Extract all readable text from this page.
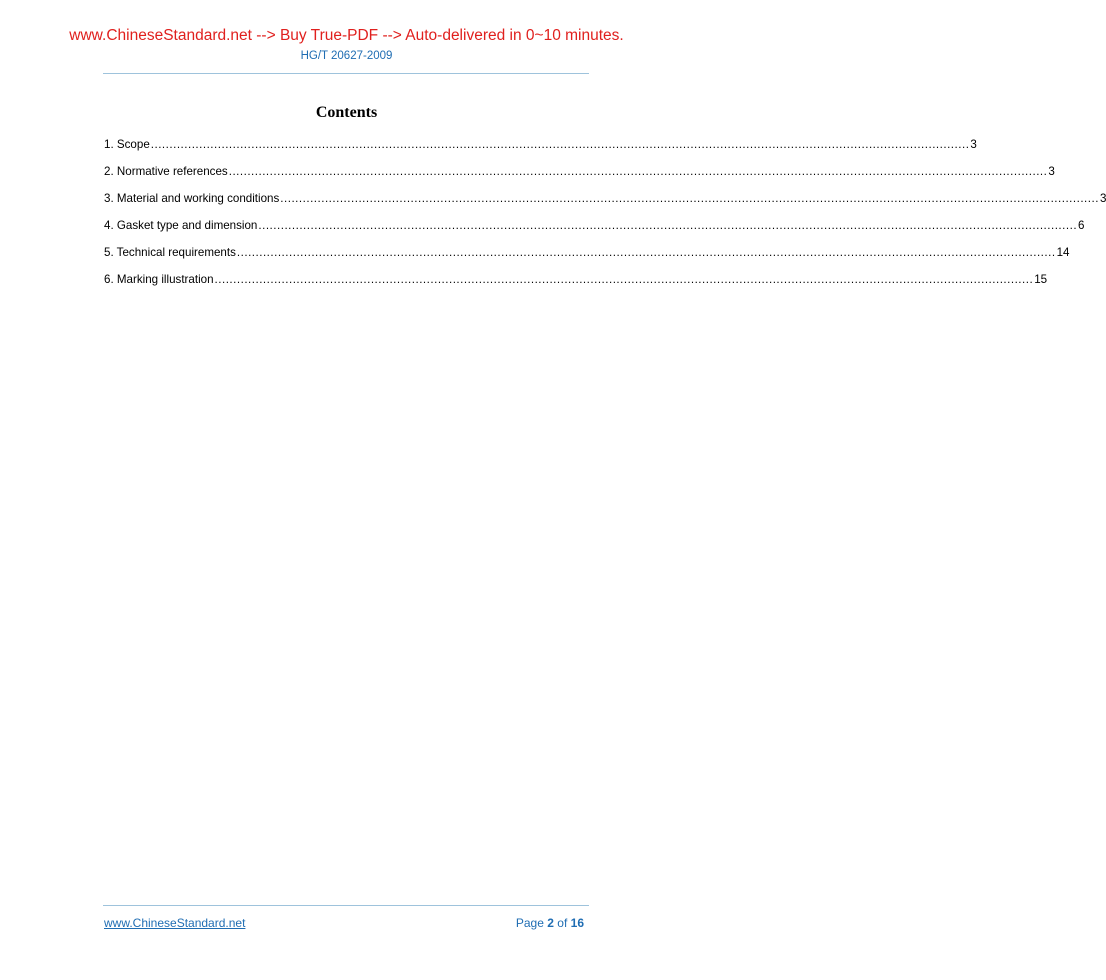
www.ChineseStandard.net --> Buy True-PDF --> Auto-delivered in 0~10 minutes.
HG/T 20627-2009
Contents
1. Scope ............................................................................................................................................................................................................................ 3
2. Normative references ............................................................................................................................................................................................................................ 3
3. Material and working conditions ............................................................................................................................................................................................................................ 3
4. Gasket type and dimension ............................................................................................................................................................................................................................ 6
5. Technical requirements ............................................................................................................................................................................................................................ 14
6. Marking illustration ............................................................................................................................................................................................................................ 15
www.ChineseStandard.net	Page 2 of 16
